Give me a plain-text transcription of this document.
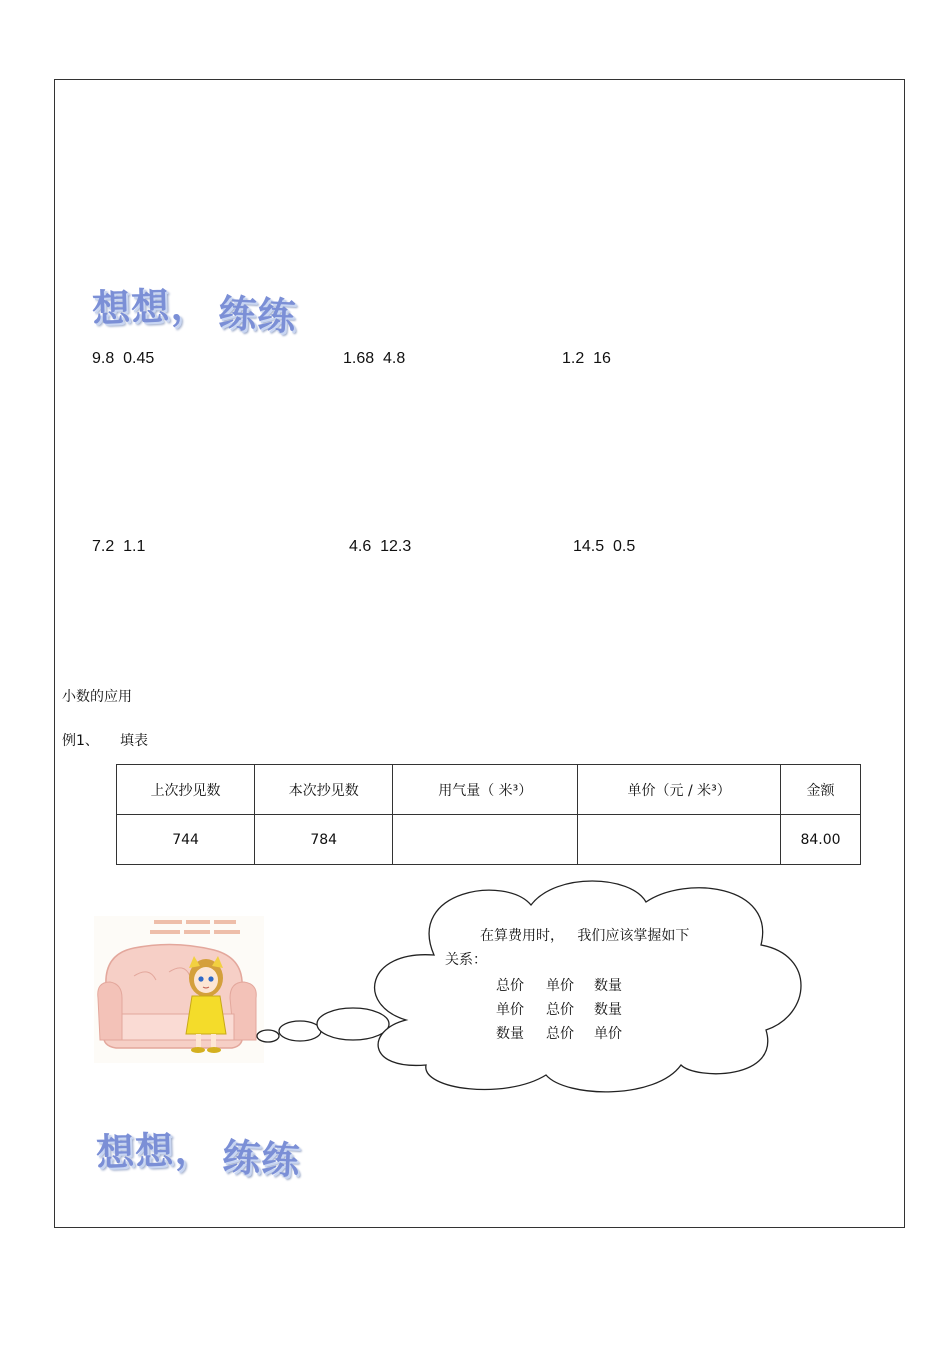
想想， 练练
9.8  0.45	1.68  4.8	1.2  16
7.2  1.1	4.6  12.3	14.5  0.5
小数的应用
例1、 填表
上次抄见数	本次抄见数	用气量（ 米³）	单价（元 / 米³）	金额
744	784			84.00
在算费用时，   我们应该掌握如下
关系：
总价 单价 数量
单价 总价 数量
数量 总价 单价
想想， 练练
